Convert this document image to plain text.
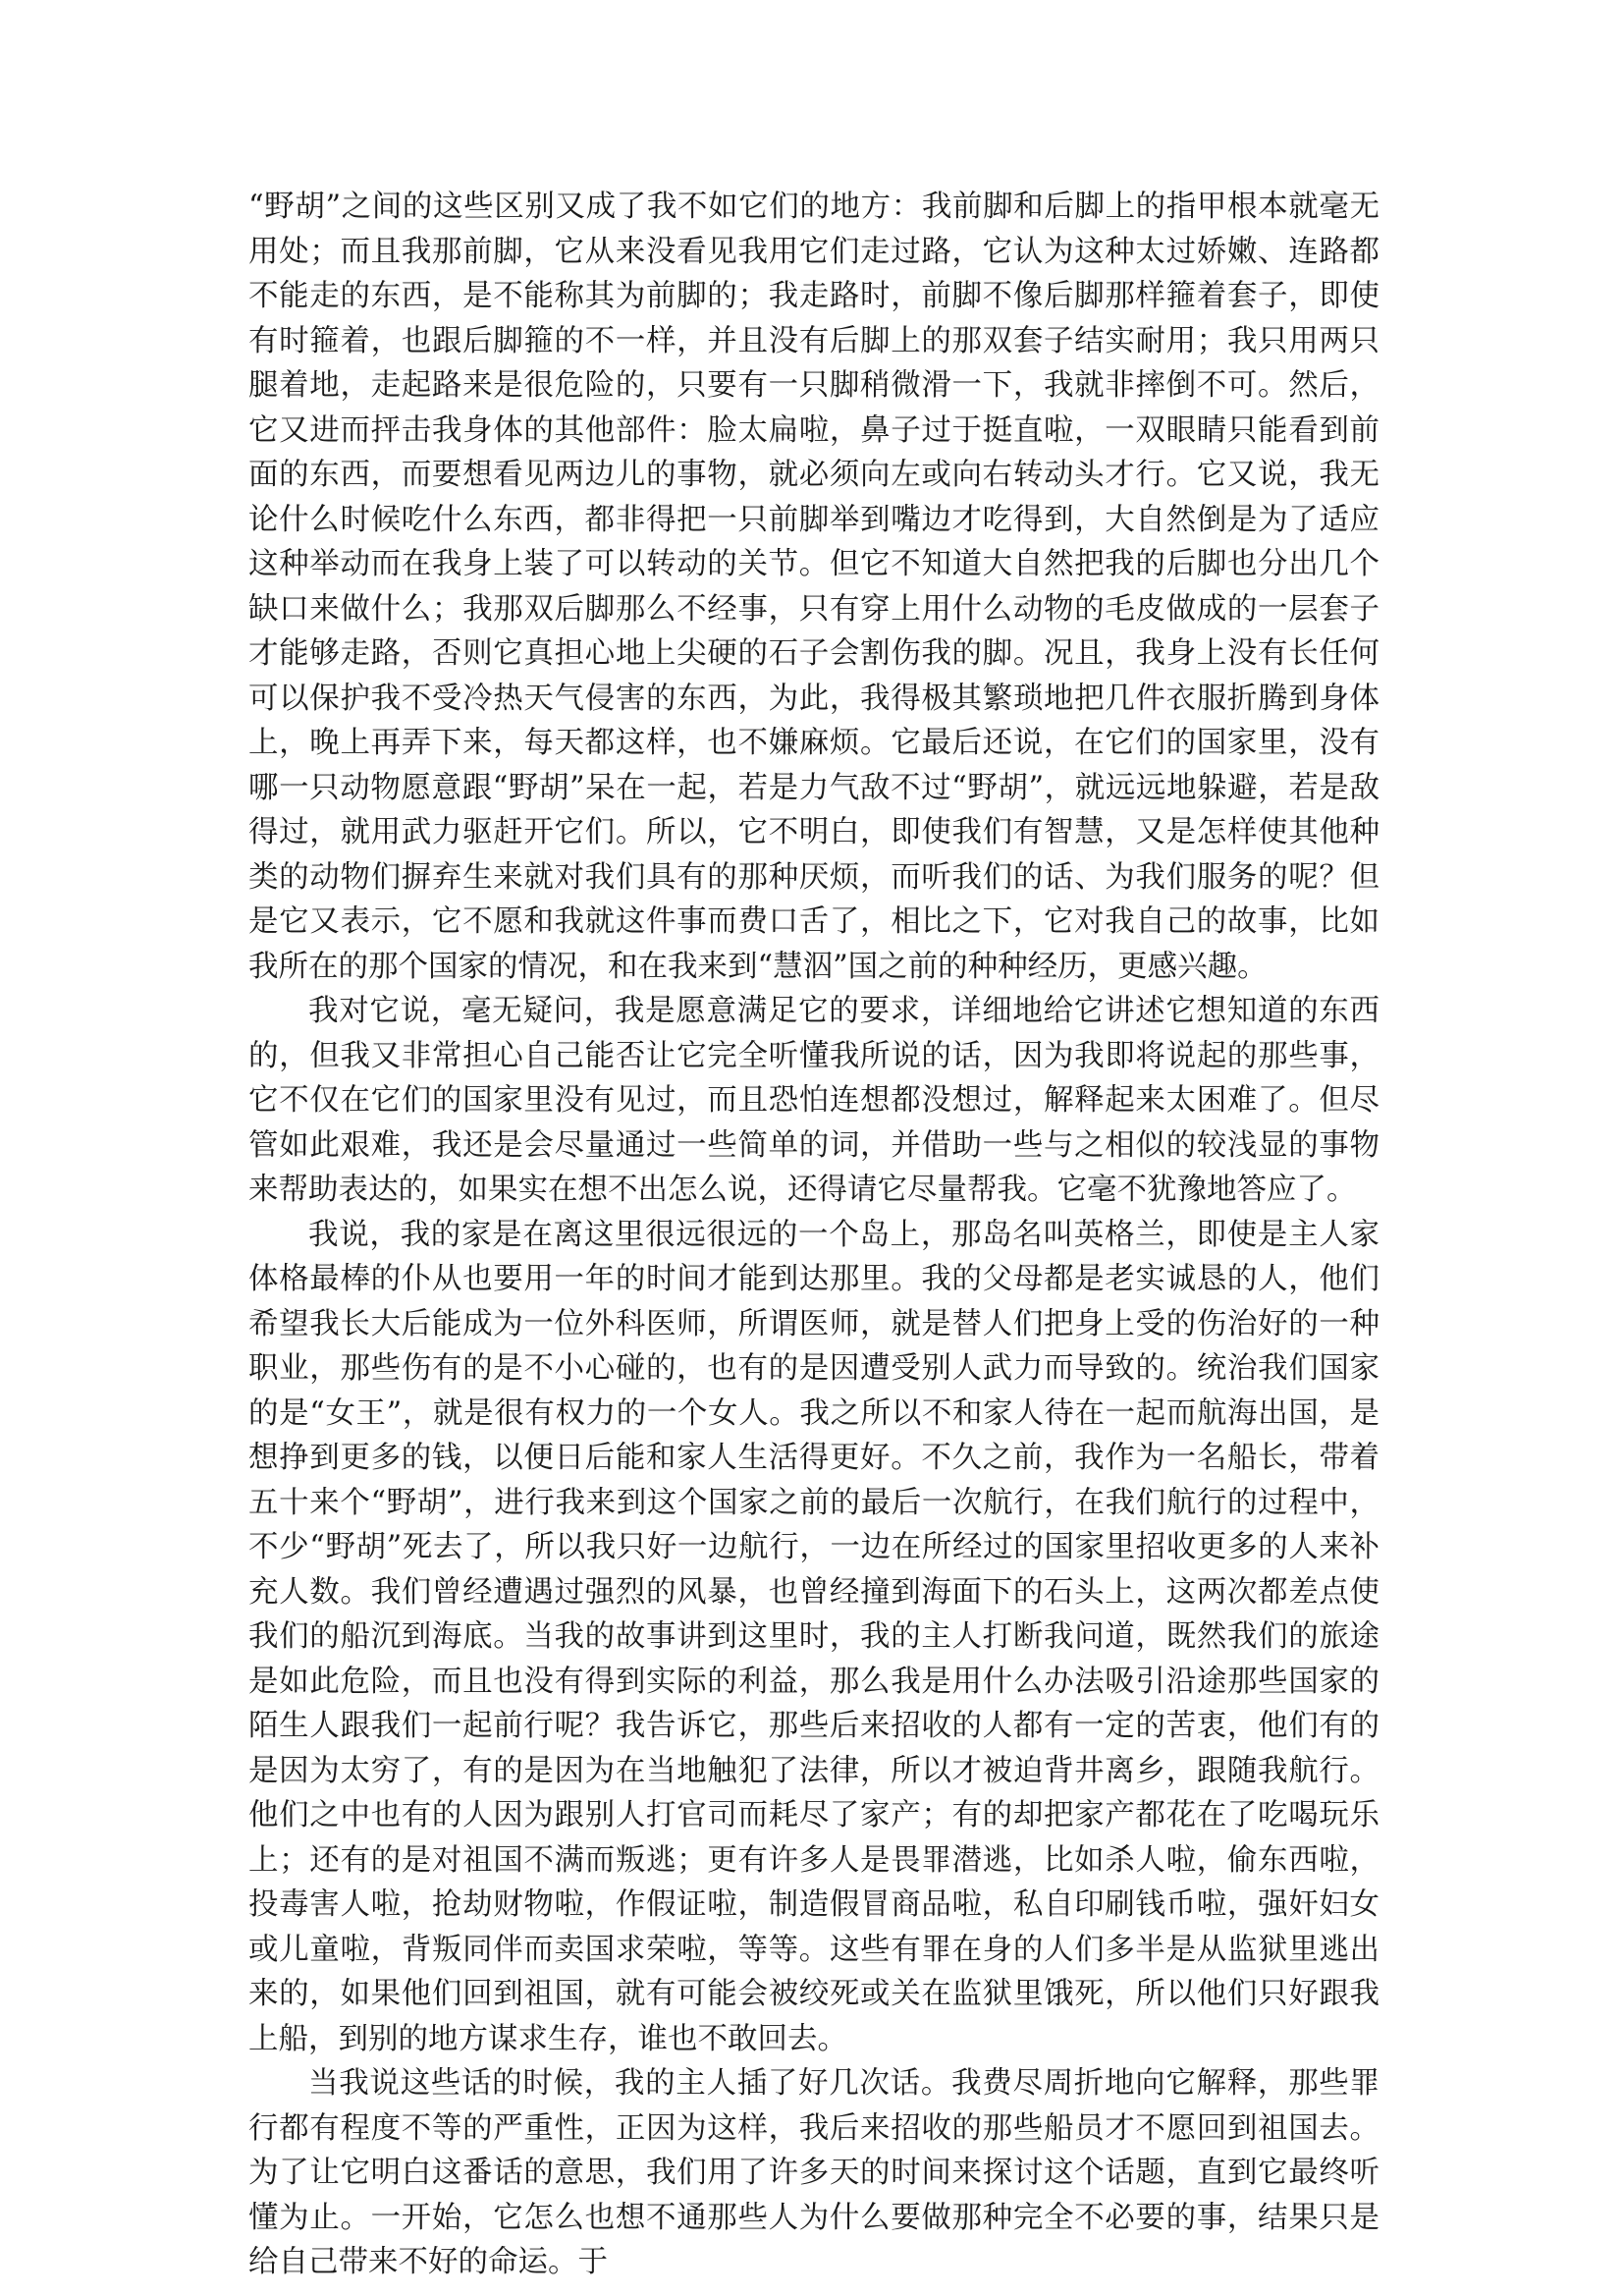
“野胡”之间的这些区别又成了我不如它们的地方：我前脚和后脚上的指甲根本就毫无用处；而且我那前脚，它从来没看见我用它们走过路，它认为这种太过娇嫩、连路都不能走的东西，是不能称其为前脚的；我走路时，前脚不像后脚那样箍着套子，即使有时箍着，也跟后脚箍的不一样，并且没有后脚上的那双套子结实耐用；我只用两只腿着地，走起路来是很危险的，只要有一只脚稍微滑一下，我就非摔倒不可。然后，它又进而抨击我身体的其他部件：脸太扁啦，鼻子过于挺直啦，一双眼睛只能看到前面的东西，而要想看见两边儿的事物，就必须向左或向右转动头才行。它又说，我无论什么时候吃什么东西，都非得把一只前脚举到嘴边才吃得到，大自然倒是为了适应这种举动而在我身上装了可以转动的关节。但它不知道大自然把我的后脚也分出几个缺口来做什么；我那双后脚那么不经事，只有穿上用什么动物的毛皮做成的一层套子才能够走路，否则它真担心地上尖硬的石子会割伤我的脚。况且，我身上没有长任何可以保护我不受冷热天气侵害的东西，为此，我得极其繁琐地把几件衣服折腾到身体上，晚上再弄下来，每天都这样，也不嫌麻烦。它最后还说，在它们的国家里，没有哪一只动物愿意跟“野胡”呆在一起，若是力气敌不过“野胡”，就远远地躲避，若是敌得过，就用武力驱赶开它们。所以，它不明白，即使我们有智慧，又是怎样使其他种类的动物们摒弃生来就对我们具有的那种厌烦，而听我们的话、为我们服务的呢？但是它又表示，它不愿和我就这件事而费口舌了，相比之下，它对我自己的故事，比如我所在的那个国家的情况，和在我来到“慧泅”国之前的种种经历，更感兴趣。

我对它说，毫无疑问，我是愿意满足它的要求，详细地给它讲述它想知道的东西的，但我又非常担心自己能否让它完全听懂我所说的话，因为我即将说起的那些事，它不仅在它们的国家里没有见过，而且恐怕连想都没想过，解释起来太困难了。但尽管如此艰难，我还是会尽量通过一些简单的词，并借助一些与之相似的较浅显的事物来帮助表达的，如果实在想不出怎么说，还得请它尽量帮我。它毫不犹豫地答应了。

我说，我的家是在离这里很远很远的一个岛上，那岛名叫英格兰，即使是主人家体格最棒的仆从也要用一年的时间才能到达那里。我的父母都是老实诚恳的人，他们希望我长大后能成为一位外科医师，所谓医师，就是替人们把身上受的伤治好的一种职业，那些伤有的是不小心碰的，也有的是因遭受别人武力而导致的。统治我们国家的是“女王”，就是很有权力的一个女人。我之所以不和家人待在一起而航海出国，是想挣到更多的钱，以便日后能和家人生活得更好。不久之前，我作为一名船长，带着五十来个“野胡”，进行我来到这个国家之前的最后一次航行，在我们航行的过程中，不少“野胡”死去了，所以我只好一边航行，一边在所经过的国家里招收更多的人来补充人数。我们曾经遭遇过强烈的风暴，也曾经撞到海面下的石头上，这两次都差点使我们的船沉到海底。当我的故事讲到这里时，我的主人打断我问道，既然我们的旅途是如此危险，而且也没有得到实际的利益，那么我是用什么办法吸引沿途那些国家的陌生人跟我们一起前行呢？我告诉它，那些后来招收的人都有一定的苦衷，他们有的是因为太穷了，有的是因为在当地触犯了法律，所以才被迫背井离乡，跟随我航行。他们之中也有的人因为跟别人打官司而耗尽了家产；有的却把家产都花在了吃喝玩乐上；还有的是对祖国不满而叛逃；更有许多人是畏罪潜逃，比如杀人啦，偷东西啦，投毒害人啦，抢劫财物啦，作假证啦，制造假冒商品啦，私自印刷钱币啦，强奸妇女或儿童啦，背叛同伴而卖国求荣啦，等等。这些有罪在身的人们多半是从监狱里逃出来的，如果他们回到祖国，就有可能会被绞死或关在监狱里饿死，所以他们只好跟我上船，到别的地方谋求生存，谁也不敢回去。

当我说这些话的时候，我的主人插了好几次话。我费尽周折地向它解释，那些罪行都有程度不等的严重性，正因为这样，我后来招收的那些船员才不愿回到祖国去。为了让它明白这番话的意思，我们用了许多天的时间来探讨这个话题，直到它最终听懂为止。一开始，它怎么也想不通那些人为什么要做那种完全不必要的事，结果只是给自己带来不好的命运。于
